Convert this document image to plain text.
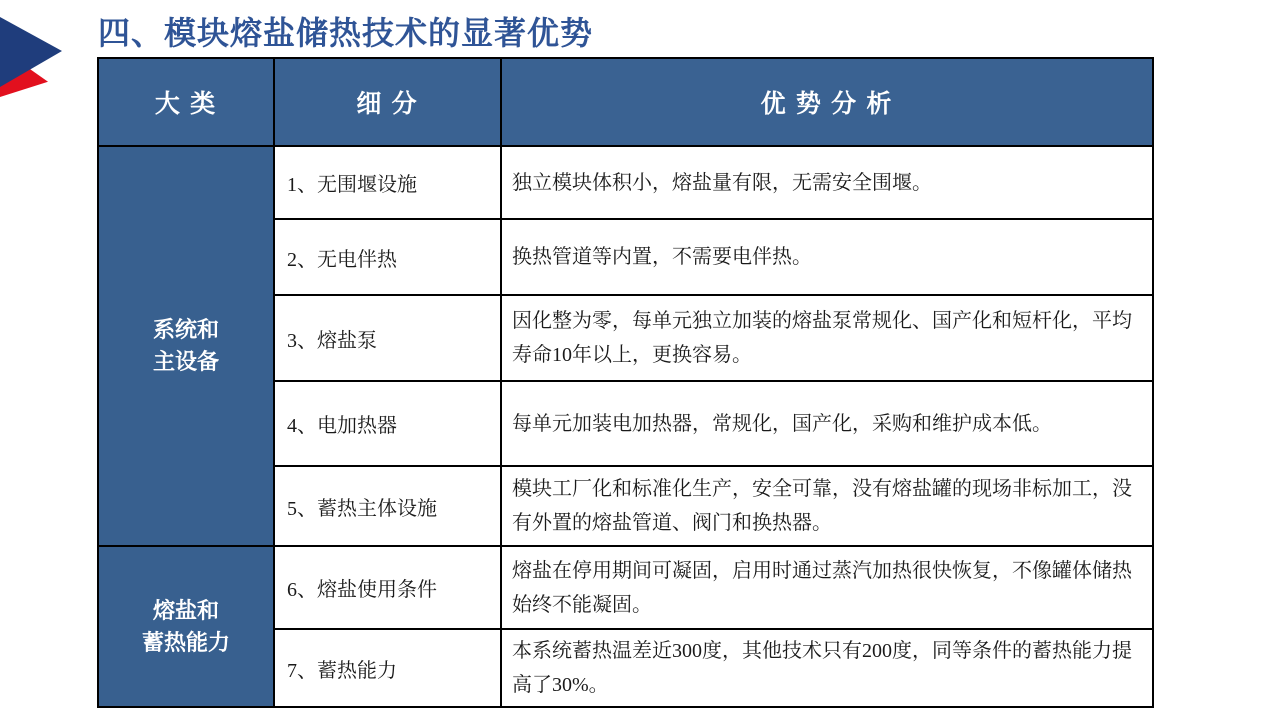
四、模块熔盐储热技术的显著优势
大 类	细 分	优 势 分 析

系统和
主设备	1、无围堰设施	独立模块体积小，熔盐量有限，无需安全围堰。
	2、无电伴热	换热管道等内置，不需要电伴热。
	3、熔盐泵	因化整为零，每单元独立加装的熔盐泵常规化、国产化和短杆化，平均寿命10年以上，更换容易。
	4、电加热器	每单元加装电加热器，常规化，国产化，采购和维护成本低。
	5、蓄热主体设施	模块工厂化和标准化生产，安全可靠，没有熔盐罐的现场非标加工，没有外置的熔盐管道、阀门和换热器。

熔盐和
蓄热能力	6、熔盐使用条件	熔盐在停用期间可凝固，启用时通过蒸汽加热很快恢复，不像罐体储热始终不能凝固。
	7、蓄热能力	本系统蓄热温差近300度，其他技术只有200度，同等条件的蓄热能力提高了30%。
